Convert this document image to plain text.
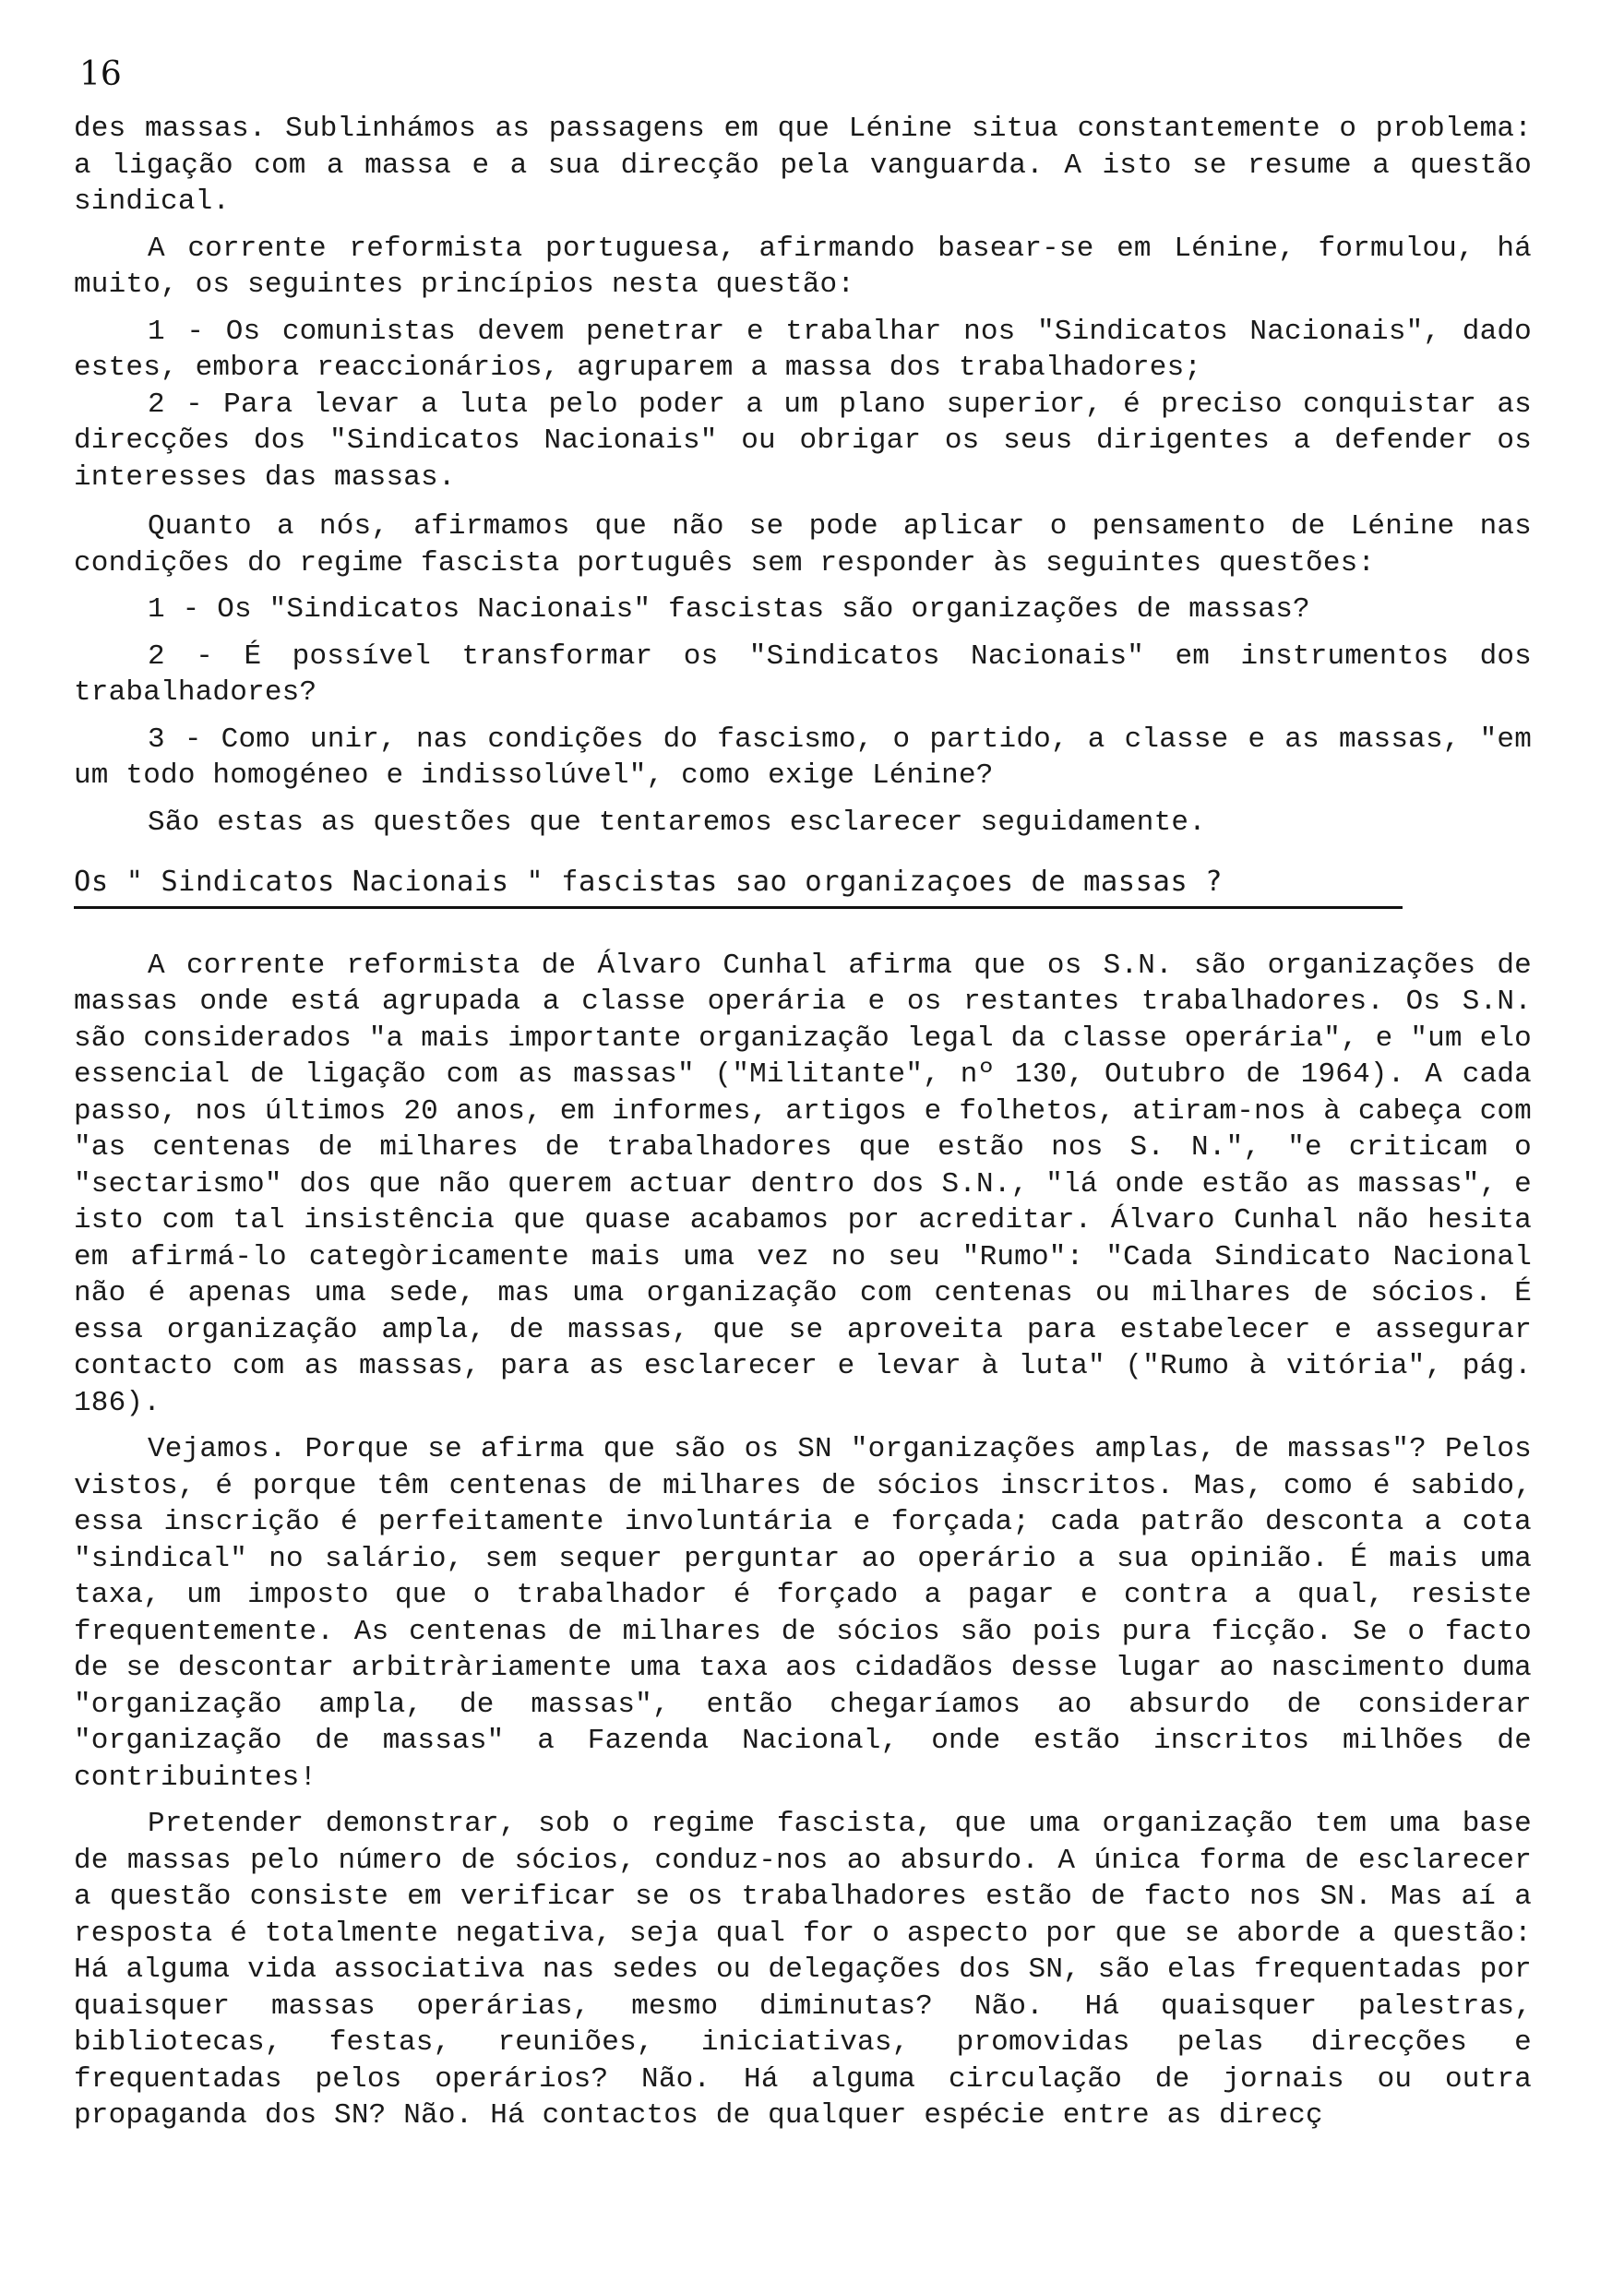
16

des massas. Sublinhámos as passagens em que Lénine situa constantemente o problema: a ligação com a massa e a sua direcção pela vanguarda. A isto se resume a questão sindical.

A corrente reformista portuguesa, afirmando basear-se em Lénine, formulou, há muito, os seguintes princípios nesta questão:

1 - Os comunistas devem penetrar e trabalhar nos "Sindicatos Nacionais", dado estes, embora reaccionários, agruparem a massa dos trabalhadores;

2 - Para levar a luta pelo poder a um plano superior, é preciso conquistar as direcções dos "Sindicatos Nacionais" ou obrigar os seus dirigentes a defender os interesses das massas.

Quanto a nós, afirmamos que não se pode aplicar o pensamento de Lénine nas condições do regime fascista português sem responder às seguintes questões:

1 - Os "Sindicatos Nacionais" fascistas são organizações de massas?

2 - É possível transformar os "Sindicatos Nacionais" em instrumentos dos trabalhadores?

3 - Como unir, nas condições do fascismo, o partido, a classe e as massas, "em um todo homogéneo e indissolúvel", como exige Lénine?

São estas as questões que tentaremos esclarecer seguidamente.

Os " Sindicatos Nacionais " fascistas sao organizaçoes de massas ?

A corrente reformista de Álvaro Cunhal afirma que os S.N. são organizações de massas onde está agrupada a classe operária e os restantes trabalhadores. Os S.N. são considerados "a mais importante organização legal da classe operária", e "um elo essencial de ligação com as massas" ("Militante", nº 130, Outubro de 1964). A cada passo, nos últimos 20 anos, em informes, artigos e folhetos, atiram-nos à cabeça com "as centenas de milhares de trabalhadores que estão nos S. N.", "e criticam o "sectarismo" dos que não querem actuar dentro dos S.N., "lá onde estão as massas", e isto com tal insistência que quase acabamos por acreditar. Álvaro Cunhal não hesita em afirmá-lo categòricamente mais uma vez no seu "Rumo": "Cada Sindicato Nacional não é apenas uma sede, mas uma organização com centenas ou milhares de sócios. É essa organização ampla, de massas, que se aproveita para estabelecer e assegurar contacto com as massas, para as esclarecer e levar à luta" ("Rumo à vitória", pág. 186).

Vejamos. Porque se afirma que são os SN "organizações amplas, de massas"? Pelos vistos, é porque têm centenas de milhares de sócios inscritos. Mas, como é sabido, essa inscrição é perfeitamente involuntária e forçada; cada patrão desconta a cota "sindical" no salário, sem sequer perguntar ao operário a sua opinião. É mais uma taxa, um imposto que o trabalhador é forçado a pagar e contra a qual, resiste frequentemente. As centenas de milhares de sócios são pois pura ficção. Se o facto de se descontar arbitràriamente uma taxa aos cidadãos desse lugar ao nascimento duma "organização ampla, de massas", então chegaríamos ao absurdo de considerar "organização de massas" a Fazenda Nacional, onde estão inscritos milhões de contribuintes!

Pretender demonstrar, sob o regime fascista, que uma organização tem uma base de massas pelo número de sócios, conduz-nos ao absurdo. A única forma de esclarecer a questão consiste em verificar se os trabalhadores estão de facto nos SN. Mas aí a resposta é totalmente negativa, seja qual for o aspecto por que se aborde a questão: Há alguma vida associativa nas sedes ou delegações dos SN, são elas frequentadas por quaisquer massas operárias, mesmo diminutas? Não. Há quaisquer palestras, bibliotecas, festas, reuniões, iniciativas, promovidas pelas direcções e frequentadas pelos operários? Não. Há alguma circulação de jornais ou outra propaganda dos SN? Não. Há contactos de qualquer espécie entre as direcç
